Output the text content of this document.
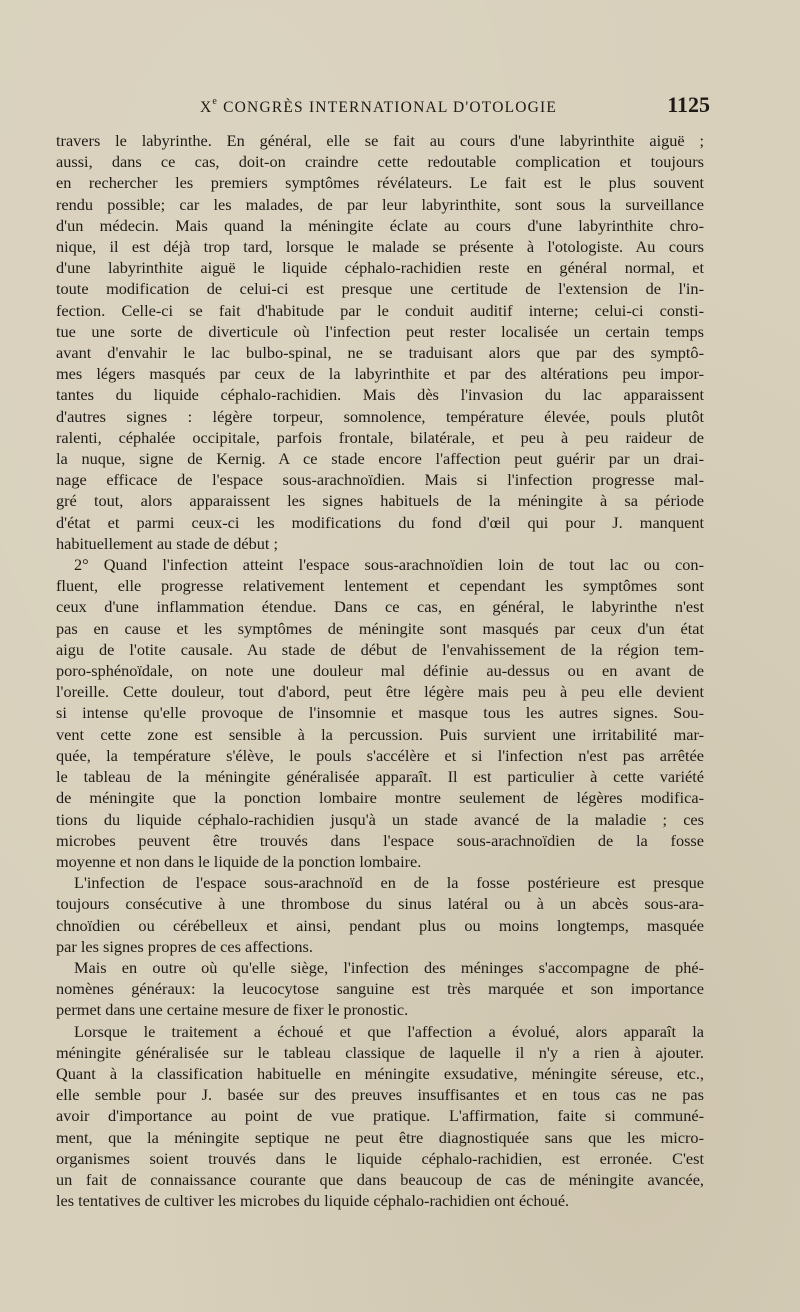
Xe CONGRÈS INTERNATIONAL D'OTOLOGIE	1125
travers le labyrinthe. En général, elle se fait au cours d'une labyrinthite aiguë ;
aussi, dans ce cas, doit-on craindre cette redoutable complication et toujours
en rechercher les premiers symptômes révélateurs. Le fait est le plus souvent
rendu possible; car les malades, de par leur labyrinthite, sont sous la surveillance
d'un médecin. Mais quand la méningite éclate au cours d'une labyrinthite chro-
nique, il est déjà trop tard, lorsque le malade se présente à l'otologiste. Au cours
d'une labyrinthite aiguë le liquide céphalo-rachidien reste en général normal, et
toute modification de celui-ci est presque une certitude de l'extension de l'in-
fection. Celle-ci se fait d'habitude par le conduit auditif interne; celui-ci consti-
tue une sorte de diverticule où l'infection peut rester localisée un certain temps
avant d'envahir le lac bulbo-spinal, ne se traduisant alors que par des symptô-
mes légers masqués par ceux de la labyrinthite et par des altérations peu impor-
tantes du liquide céphalo-rachidien. Mais dès l'invasion du lac apparaissent
d'autres signes : légère torpeur, somnolence, température élevée, pouls plutôt
ralenti, céphalée occipitale, parfois frontale, bilatérale, et peu à peu raideur de
la nuque, signe de Kernig. A ce stade encore l'affection peut guérir par un drai-
nage efficace de l'espace sous-arachnoïdien. Mais si l'infection progresse mal-
gré tout, alors apparaissent les signes habituels de la méningite à sa période
d'état et parmi ceux-ci les modifications du fond d'œil qui pour J. manquent
habituellement au stade de début ;
2° Quand l'infection atteint l'espace sous-arachnoïdien loin de tout lac ou con-
fluent, elle progresse relativement lentement et cependant les symptômes sont
ceux d'une inflammation étendue. Dans ce cas, en général, le labyrinthe n'est
pas en cause et les symptômes de méningite sont masqués par ceux d'un état
aigu de l'otite causale. Au stade de début de l'envahissement de la région tem-
poro-sphénoïdale, on note une douleur mal définie au-dessus ou en avant de
l'oreille. Cette douleur, tout d'abord, peut être légère mais peu à peu elle devient
si intense qu'elle provoque de l'insomnie et masque tous les autres signes. Sou-
vent cette zone est sensible à la percussion. Puis survient une irritabilité mar-
quée, la température s'élève, le pouls s'accélère et si l'infection n'est pas arrêtée
le tableau de la méningite généralisée apparaît. Il est particulier à cette variété
de méningite que la ponction lombaire montre seulement de légères modifica-
tions du liquide céphalo-rachidien jusqu'à un stade avancé de la maladie ; ces
microbes peuvent être trouvés dans l'espace sous-arachnoïdien de la fosse
moyenne et non dans le liquide de la ponction lombaire.
L'infection de l'espace sous-arachnoïd en de la fosse postérieure est presque
toujours consécutive à une thrombose du sinus latéral ou à un abcès sous-ara-
chnoïdien ou cérébelleux et ainsi, pendant plus ou moins longtemps, masquée
par les signes propres de ces affections.
Mais en outre où qu'elle siège, l'infection des méninges s'accompagne de phé-
nomènes généraux: la leucocytose sanguine est très marquée et son importance
permet dans une certaine mesure de fixer le pronostic.
Lorsque le traitement a échoué et que l'affection a évolué, alors apparaît la
méningite généralisée sur le tableau classique de laquelle il n'y a rien à ajouter.
Quant à la classification habituelle en méningite exsudative, méningite séreuse, etc.,
elle semble pour J. basée sur des preuves insuffisantes et en tous cas ne pas
avoir d'importance au point de vue pratique. L'affirmation, faite si communé-
ment, que la méningite septique ne peut être diagnostiquée sans que les micro-
organismes soient trouvés dans le liquide céphalo-rachidien, est erronée. C'est
un fait de connaissance courante que dans beaucoup de cas de méningite avancée,
les tentatives de cultiver les microbes du liquide céphalo-rachidien ont échoué.
